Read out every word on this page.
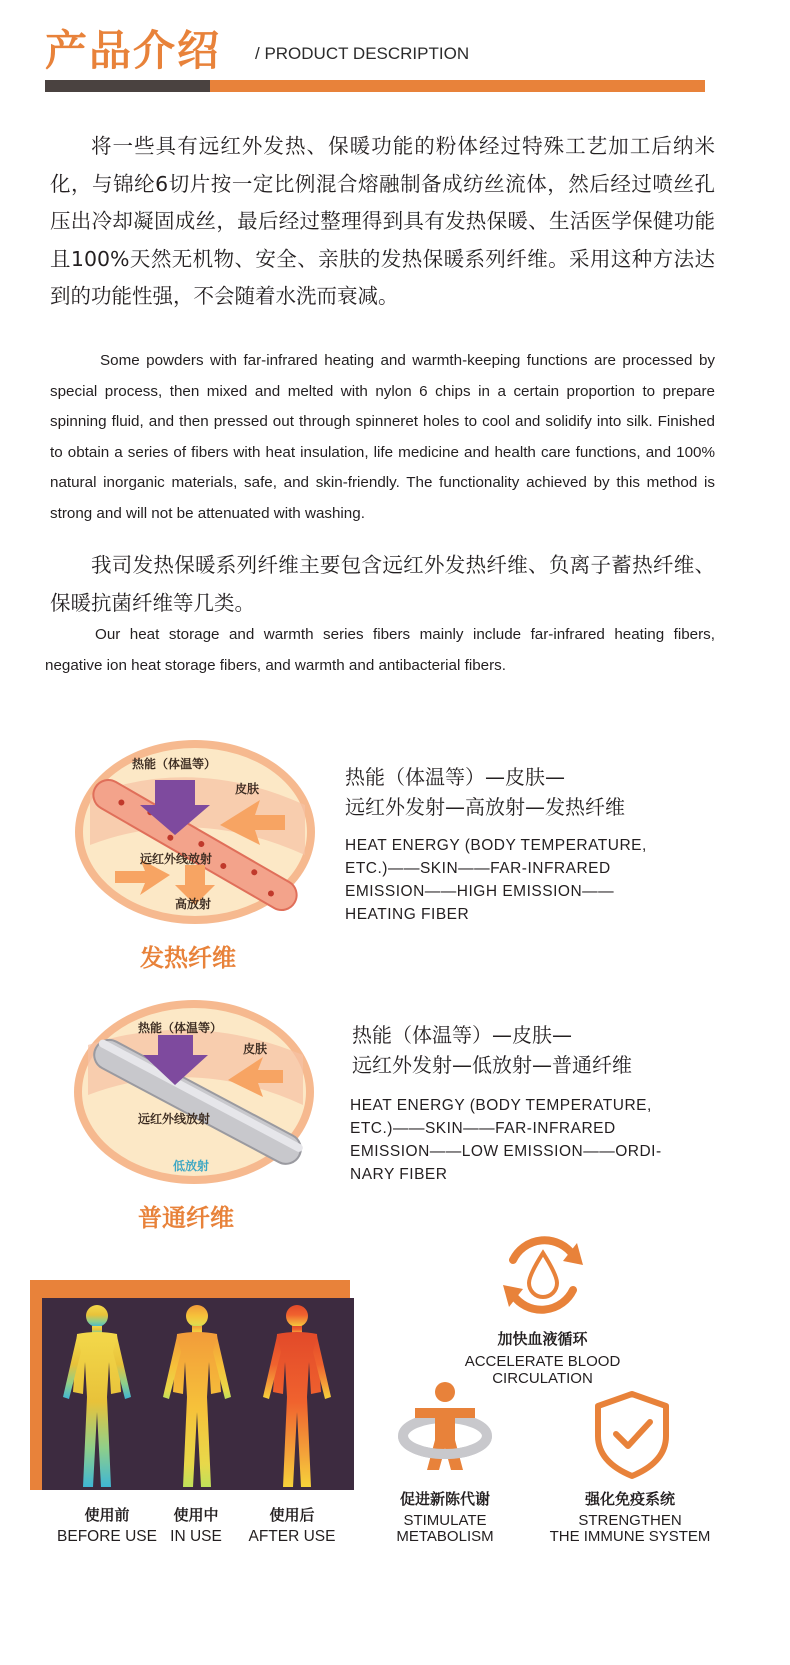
产品介绍 / PRODUCT DESCRIPTION
将一些具有远红外发热、保暖功能的粉体经过特殊工艺加工后纳米化，与锦纶6切片按一定比例混合熔融制备成纺丝流体，然后经过喷丝孔压出冷却凝固成丝，最后经过整理得到具有发热保暖、生活医学保健功能且100%天然无机物、安全、亲肤的发热保暖系列纤维。采用这种方法达到的功能性强，不会随着水洗而衰减。
Some powders with far-infrared heating and warmth-keeping functions are processed by special process, then mixed and melted with nylon 6 chips in a certain proportion to prepare spinning fluid, and then pressed out through spinneret holes to cool and solidify into silk. Finished to obtain a series of fibers with heat insulation, life medicine and health care functions, and 100% natural inorganic materials, safe, and skin-friendly. The functionality achieved by this method is strong and will not be attenuated with washing.
我司发热保暖系列纤维主要包含远红外发热纤维、负离子蓄热纤维、保暖抗菌纤维等几类。
Our heat storage and warmth series fibers mainly include far-infrared heating fibers, negative ion heat storage fibers, and warmth and antibacterial fibers.
热能（体温等）
皮肤
远红外线放射
高放射
发热纤维
热能（体温等）—皮肤—
远红外发射—高放射—发热纤维
HEAT ENERGY (BODY TEMPERATURE,
ETC.)——SKIN——FAR-INFRARED
EMISSION——HIGH EMISSION——
HEATING FIBER
热能（体温等）
皮肤
远红外线放射
低放射
普通纤维
热能（体温等）—皮肤—
远红外发射—低放射—普通纤维
HEAT ENERGY (BODY TEMPERATURE,
ETC.)——SKIN——FAR-INFRARED
EMISSION——LOW EMISSION——ORDI-
NARY FIBER
使用前
BEFORE USE
使用中
IN USE
使用后
AFTER USE
加快血液循环
ACCELERATE BLOOD
CIRCULATION
促进新陈代谢
STIMULATE
METABOLISM
强化免疫系统
STRENGTHEN
THE IMMUNE SYSTEM
